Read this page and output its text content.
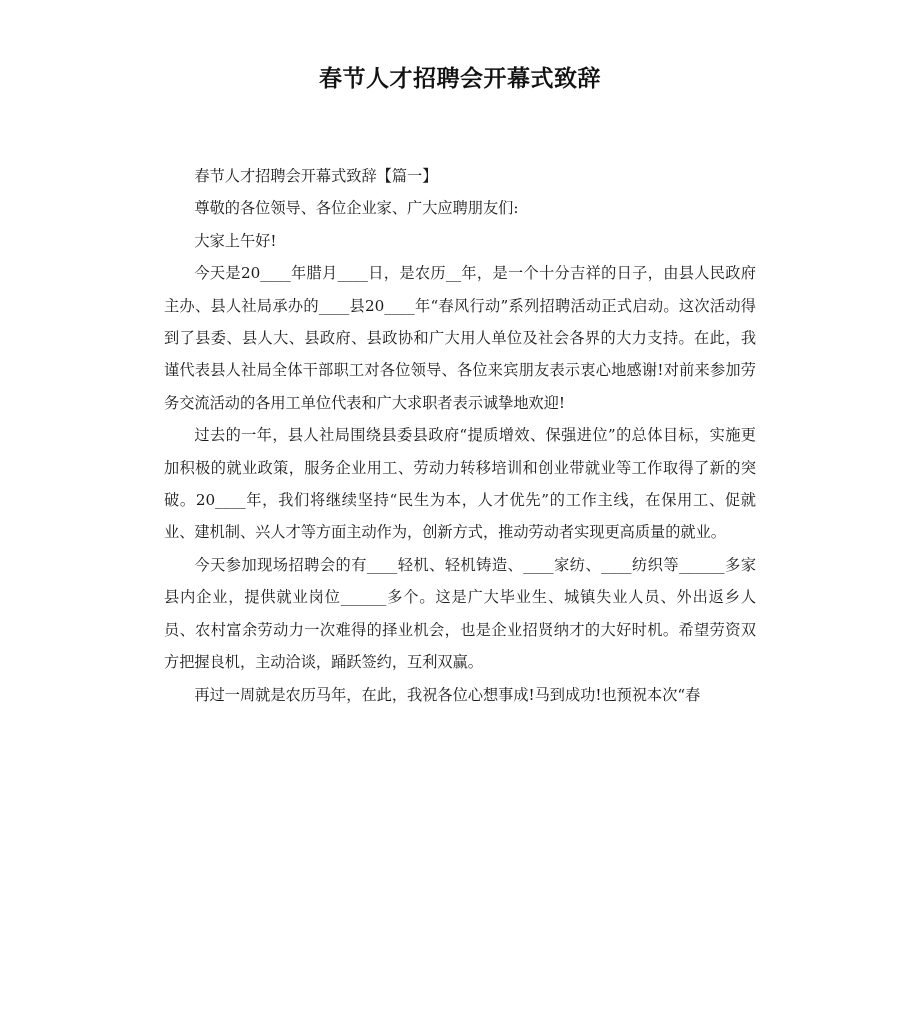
春节人才招聘会开幕式致辞

春节人才招聘会开幕式致辞【篇一】

尊敬的各位领导、各位企业家、广大应聘朋友们:

大家上午好!

今天是20____年腊月____日，是农历__年，是一个十分吉祥的日子，由县人民政府主办、县人社局承办的____县20____年“春风行动”系列招聘活动正式启动。这次活动得到了县委、县人大、县政府、县政协和广大用人单位及社会各界的大力支持。在此，我谨代表县人社局全体干部职工对各位领导、各位来宾朋友表示衷心地感谢!对前来参加劳务交流活动的各用工单位代表和广大求职者表示诚挚地欢迎!

过去的一年，县人社局围绕县委县政府“提质增效、保强进位”的总体目标，实施更加积极的就业政策，服务企业用工、劳动力转移培训和创业带就业等工作取得了新的突破。20____年，我们将继续坚持“民生为本，人才优先”的工作主线，在保用工、促就业、建机制、兴人才等方面主动作为，创新方式，推动劳动者实现更高质量的就业。

今天参加现场招聘会的有____轻机、轻机铸造、____家纺、____纺织等______多家县内企业，提供就业岗位______多个。这是广大毕业生、城镇失业人员、外出返乡人员、农村富余劳动力一次难得的择业机会，也是企业招贤纳才的大好时机。希望劳资双方把握良机，主动洽谈，踊跃签约，互利双赢。

再过一周就是农历马年，在此，我祝各位心想事成!马到成功!也预祝本次“春
